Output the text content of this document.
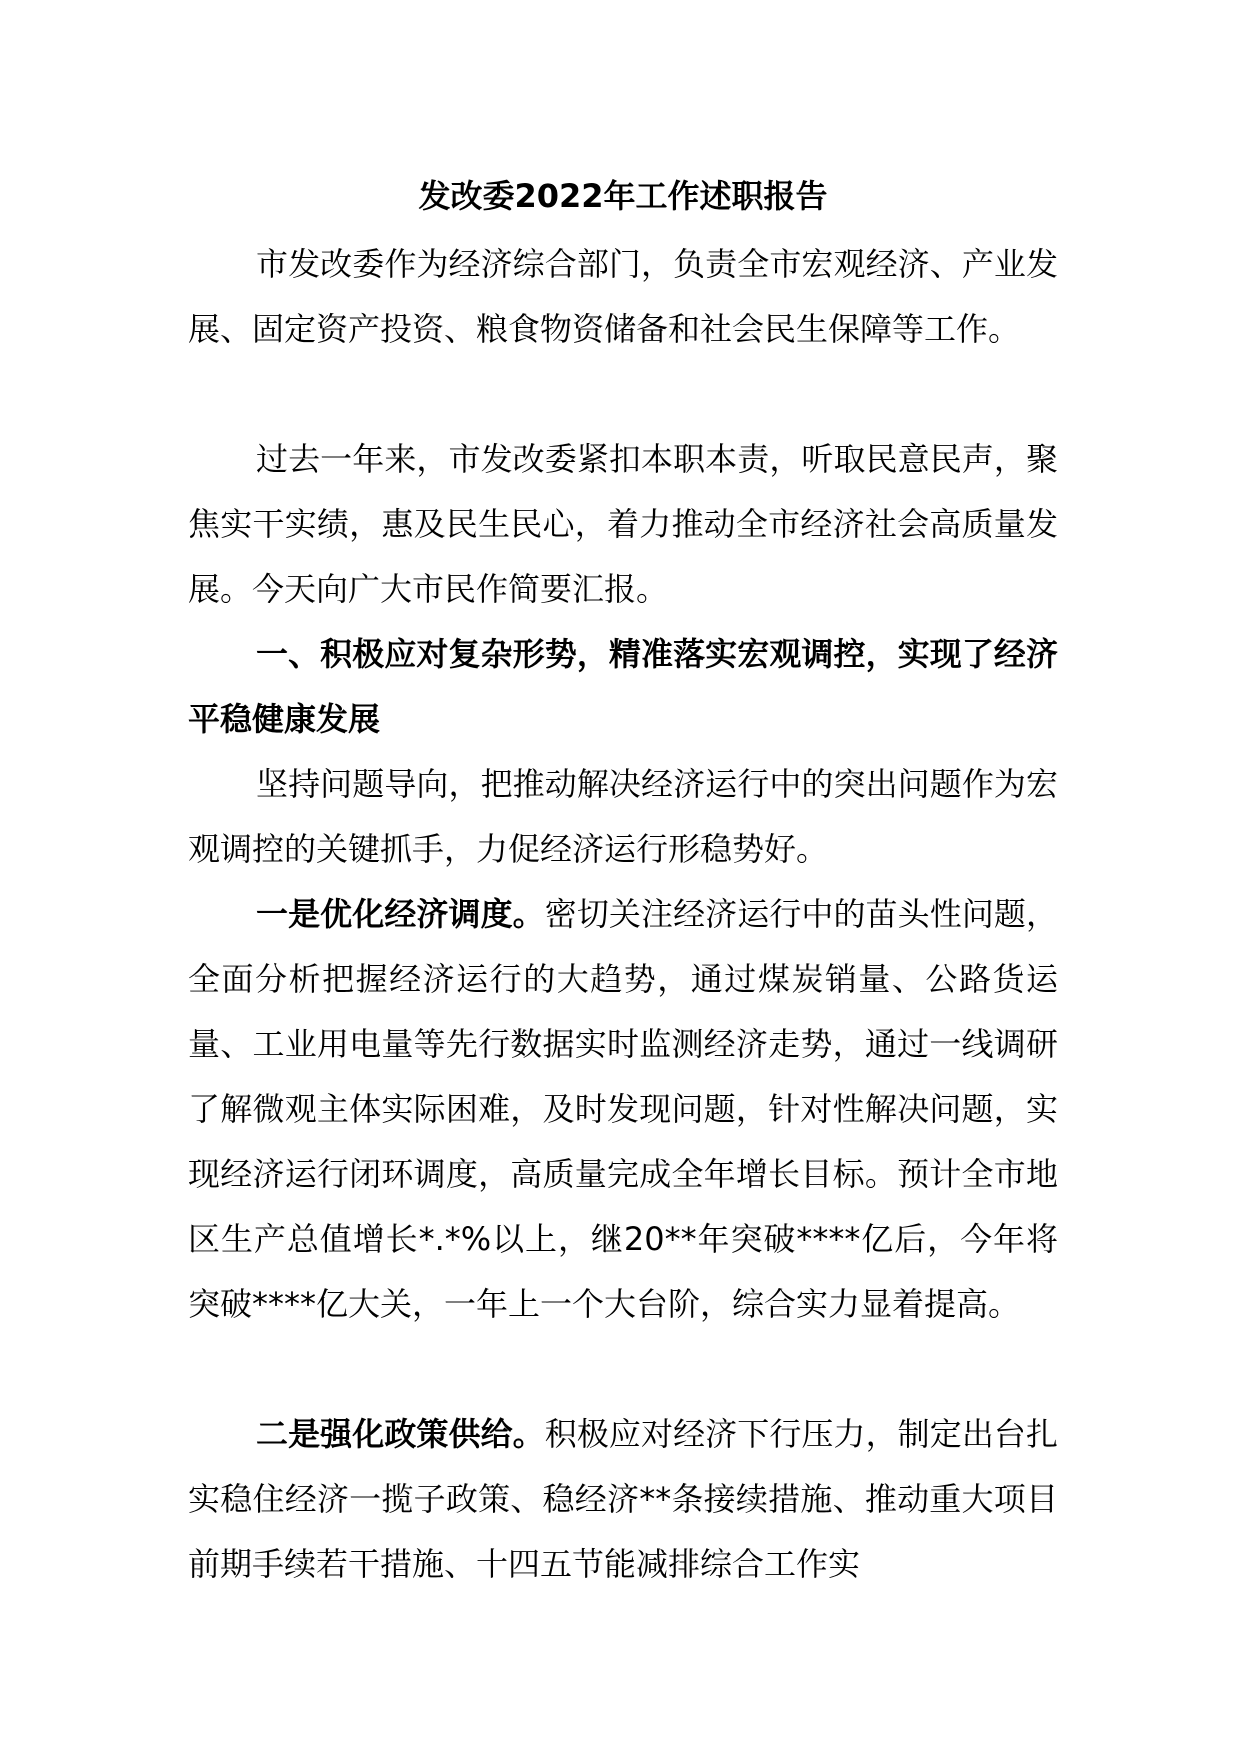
发改委2022年工作述职报告

市发改委作为经济综合部门，负责全市宏观经济、产业发展、固定资产投资、粮食物资储备和社会民生保障等工作。

过去一年来，市发改委紧扣本职本责，听取民意民声，聚焦实干实绩，惠及民生民心，着力推动全市经济社会高质量发展。今天向广大市民作简要汇报。

一、积极应对复杂形势，精准落实宏观调控，实现了经济平稳健康发展

坚持问题导向，把推动解决经济运行中的突出问题作为宏观调控的关键抓手，力促经济运行形稳势好。

一是优化经济调度。密切关注经济运行中的苗头性问题，全面分析把握经济运行的大趋势，通过煤炭销量、公路货运量、工业用电量等先行数据实时监测经济走势，通过一线调研了解微观主体实际困难，及时发现问题，针对性解决问题，实现经济运行闭环调度，高质量完成全年增长目标。预计全市地区生产总值增长*.*%以上，继20**年突破****亿后，今年将突破****亿大关，一年上一个大台阶，综合实力显着提高。

二是强化政策供给。积极应对经济下行压力，制定出台扎实稳住经济一揽子政策、稳经济**条接续措施、推动重大项目前期手续若干措施、十四五节能减排综合工作实
